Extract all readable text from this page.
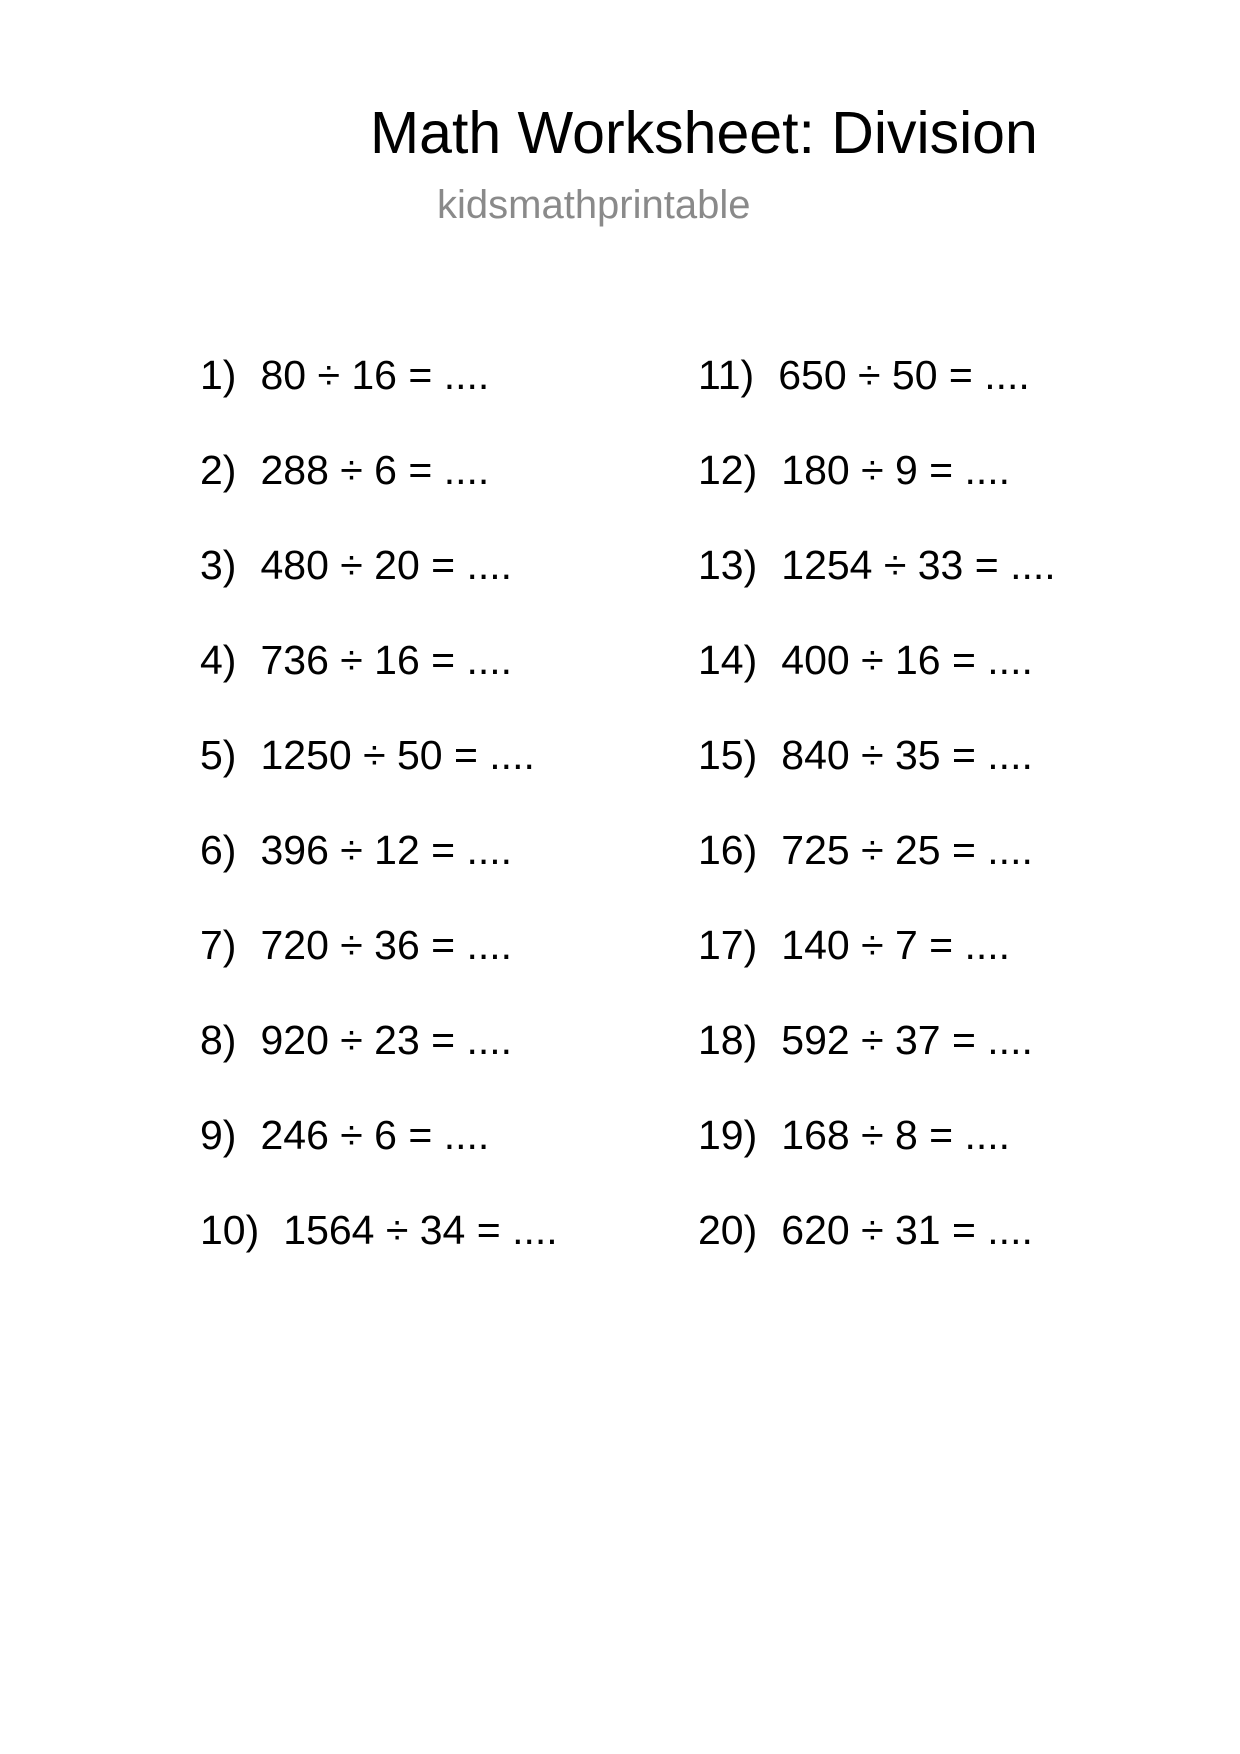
Math Worksheet: Division
kidsmathprintable
1) 80 ÷ 16 = ....
2) 288 ÷ 6 = ....
3) 480 ÷ 20 = ....
4) 736 ÷ 16 = ....
5) 1250 ÷ 50 = ....
6) 396 ÷ 12 = ....
7) 720 ÷ 36 = ....
8) 920 ÷ 23 = ....
9) 246 ÷ 6 = ....
10) 1564 ÷ 34 = ....
11) 650 ÷ 50 = ....
12) 180 ÷ 9 = ....
13) 1254 ÷ 33 = ....
14) 400 ÷ 16 = ....
15) 840 ÷ 35 = ....
16) 725 ÷ 25 = ....
17) 140 ÷ 7 = ....
18) 592 ÷ 37 = ....
19) 168 ÷ 8 = ....
20) 620 ÷ 31 = ....
